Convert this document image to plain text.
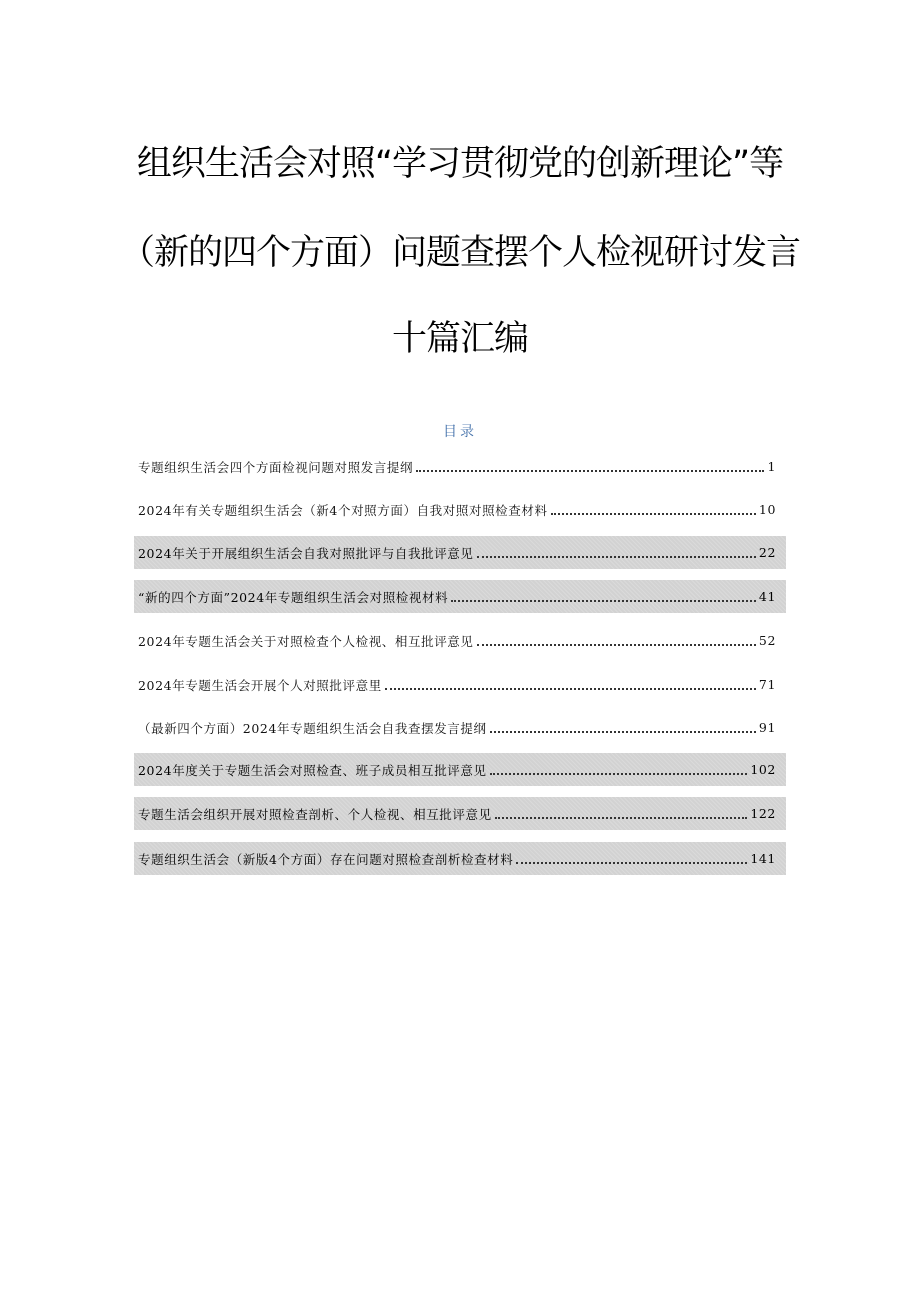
组织生活会对照“学习贯彻党的创新理论”等
（新的四个方面）问题查摆个人检视研讨发言
十篇汇编
目录
专题组织生活会四个方面检视问题对照发言提纲	1
2024年有关专题组织生活会（新4个对照方面）自我对照对照检查材料	10
2024年关于开展组织生活会自我对照批评与自我批评意见	22
“新的四个方面”2024年专题组织生活会对照检视材料	41
2024年专题生活会关于对照检查个人检视、相互批评意见	52
2024年专题生活会开展个人对照批评意里	71
（最新四个方面）2024年专题组织生活会自我查摆发言提纲	91
2024年度关于专题生活会对照检查、班子成员相互批评意见	102
专题生活会组织开展对照检查剖析、个人检视、相互批评意见	122
专题组织生活会（新版4个方面）存在问题对照检查剖析检查材料	141
